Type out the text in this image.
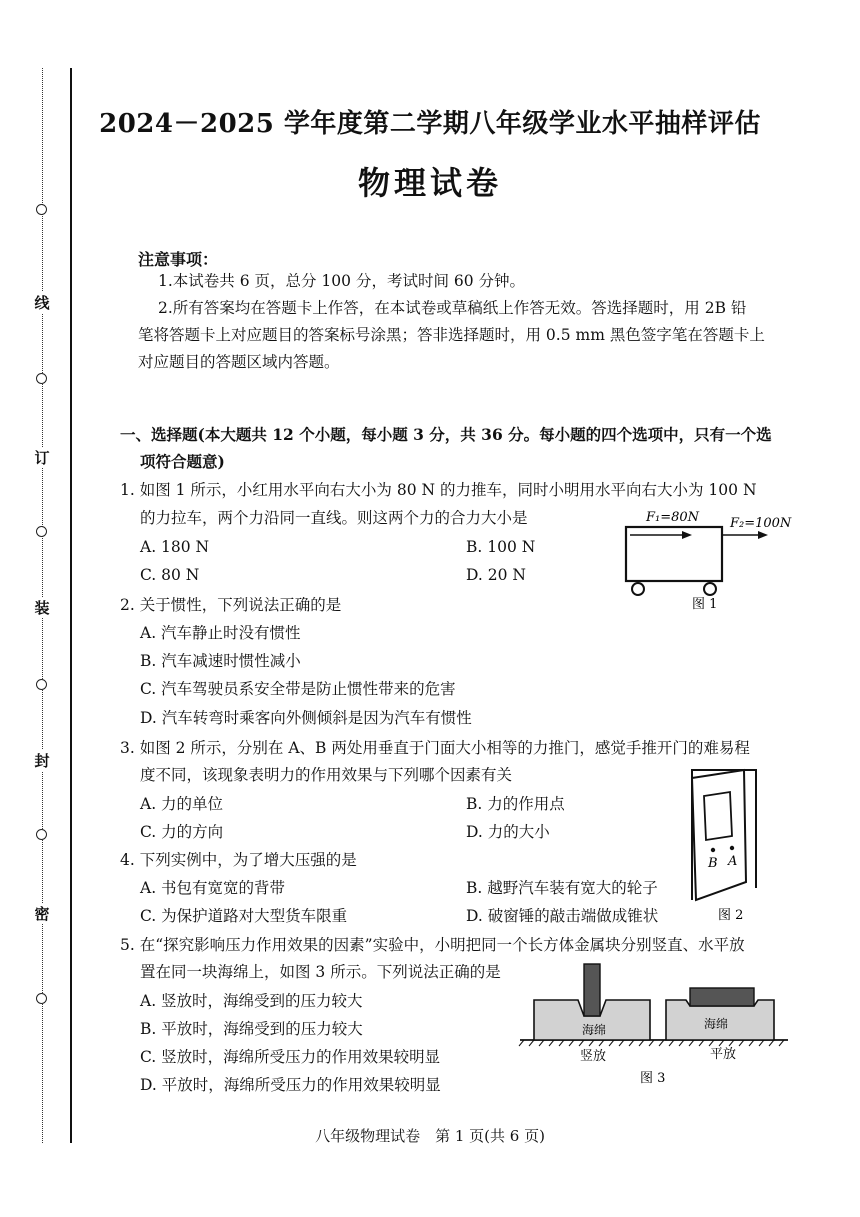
线
订
装
封
密
2024－2025 学年度第二学期八年级学业水平抽样评估
物理试卷
注意事项：
1.本试卷共 6 页，总分 100 分，考试时间 60 分钟。
2.所有答案均在答题卡上作答，在本试卷或草稿纸上作答无效。答选择题时，用 2B 铅
笔将答题卡上对应题目的答案标号涂黑；答非选择题时，用 0.5 mm 黑色签字笔在答题卡上
对应题目的答题区域内答题。
一、选择题(本大题共 12 个小题，每小题 3 分，共 36 分。每小题的四个选项中，只有一个选
项符合题意)
1. 如图 1 所示，小红用水平向右大小为 80 N 的力推车，同时小明用水平向右大小为 100 N
的力拉车，两个力沿同一直线。则这两个力的合力大小是
A. 180 N	B. 100 N
C. 80 N	D. 20 N
F₁=80N F₂=100N
图 1
2. 关于惯性，下列说法正确的是
A. 汽车静止时没有惯性
B. 汽车减速时惯性减小
C. 汽车驾驶员系安全带是防止惯性带来的危害
D. 汽车转弯时乘客向外侧倾斜是因为汽车有惯性
3. 如图 2 所示，分别在 A、B 两处用垂直于门面大小相等的力推门，感觉手推开门的难易程
度不同，该现象表明力的作用效果与下列哪个因素有关
A. 力的单位	B. 力的作用点
C. 力的方向	D. 力的大小
B A
图 2
4. 下列实例中，为了增大压强的是
A. 书包有宽宽的背带	B. 越野汽车装有宽大的轮子
C. 为保护道路对大型货车限重	D. 破窗锤的敲击端做成锥状
5. 在“探究影响压力作用效果的因素”实验中，小明把同一个长方体金属块分别竖直、水平放
置在同一块海绵上，如图 3 所示。下列说法正确的是
A. 竖放时，海绵受到的压力较大
B. 平放时，海绵受到的压力较大
C. 竖放时，海绵所受压力的作用效果较明显
D. 平放时，海绵所受压力的作用效果较明显
海绵	海绵
竖放	平放
图 3
八年级物理试卷　第 1 页(共 6 页)
